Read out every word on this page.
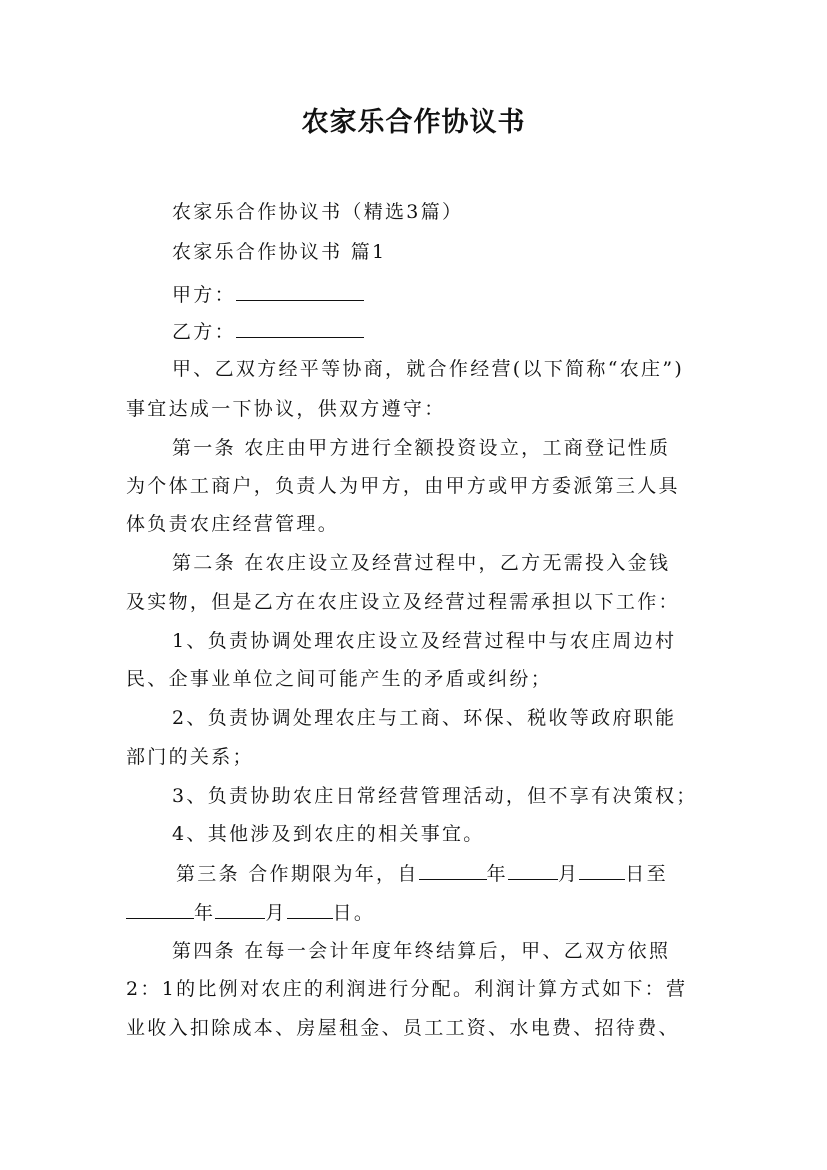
农家乐合作协议书
农家乐合作协议书（精选3篇）
农家乐合作协议书 篇1
甲方：
乙方：
甲、乙双方经平等协商，就合作经营(以下简称“农庄”)
事宜达成一下协议，供双方遵守：
第一条 农庄由甲方进行全额投资设立，工商登记性质
为个体工商户，负责人为甲方，由甲方或甲方委派第三人具
体负责农庄经营管理。
第二条 在农庄设立及经营过程中，乙方无需投入金钱
及实物，但是乙方在农庄设立及经营过程需承担以下工作：
1、负责协调处理农庄设立及经营过程中与农庄周边村
民、企事业单位之间可能产生的矛盾或纠纷；
2、负责协调处理农庄与工商、环保、税收等政府职能
部门的关系；
3、负责协助农庄日常经营管理活动，但不享有决策权；
4、其他涉及到农庄的相关事宜。
第三条 合作期限为年，自	年	月 日至
年	月 日。
第四条 在每一会计年度年终结算后，甲、乙双方依照
2：1的比例对农庄的利润进行分配。利润计算方式如下：营
业收入扣除成本、房屋租金、员工工资、水电费、招待费、
